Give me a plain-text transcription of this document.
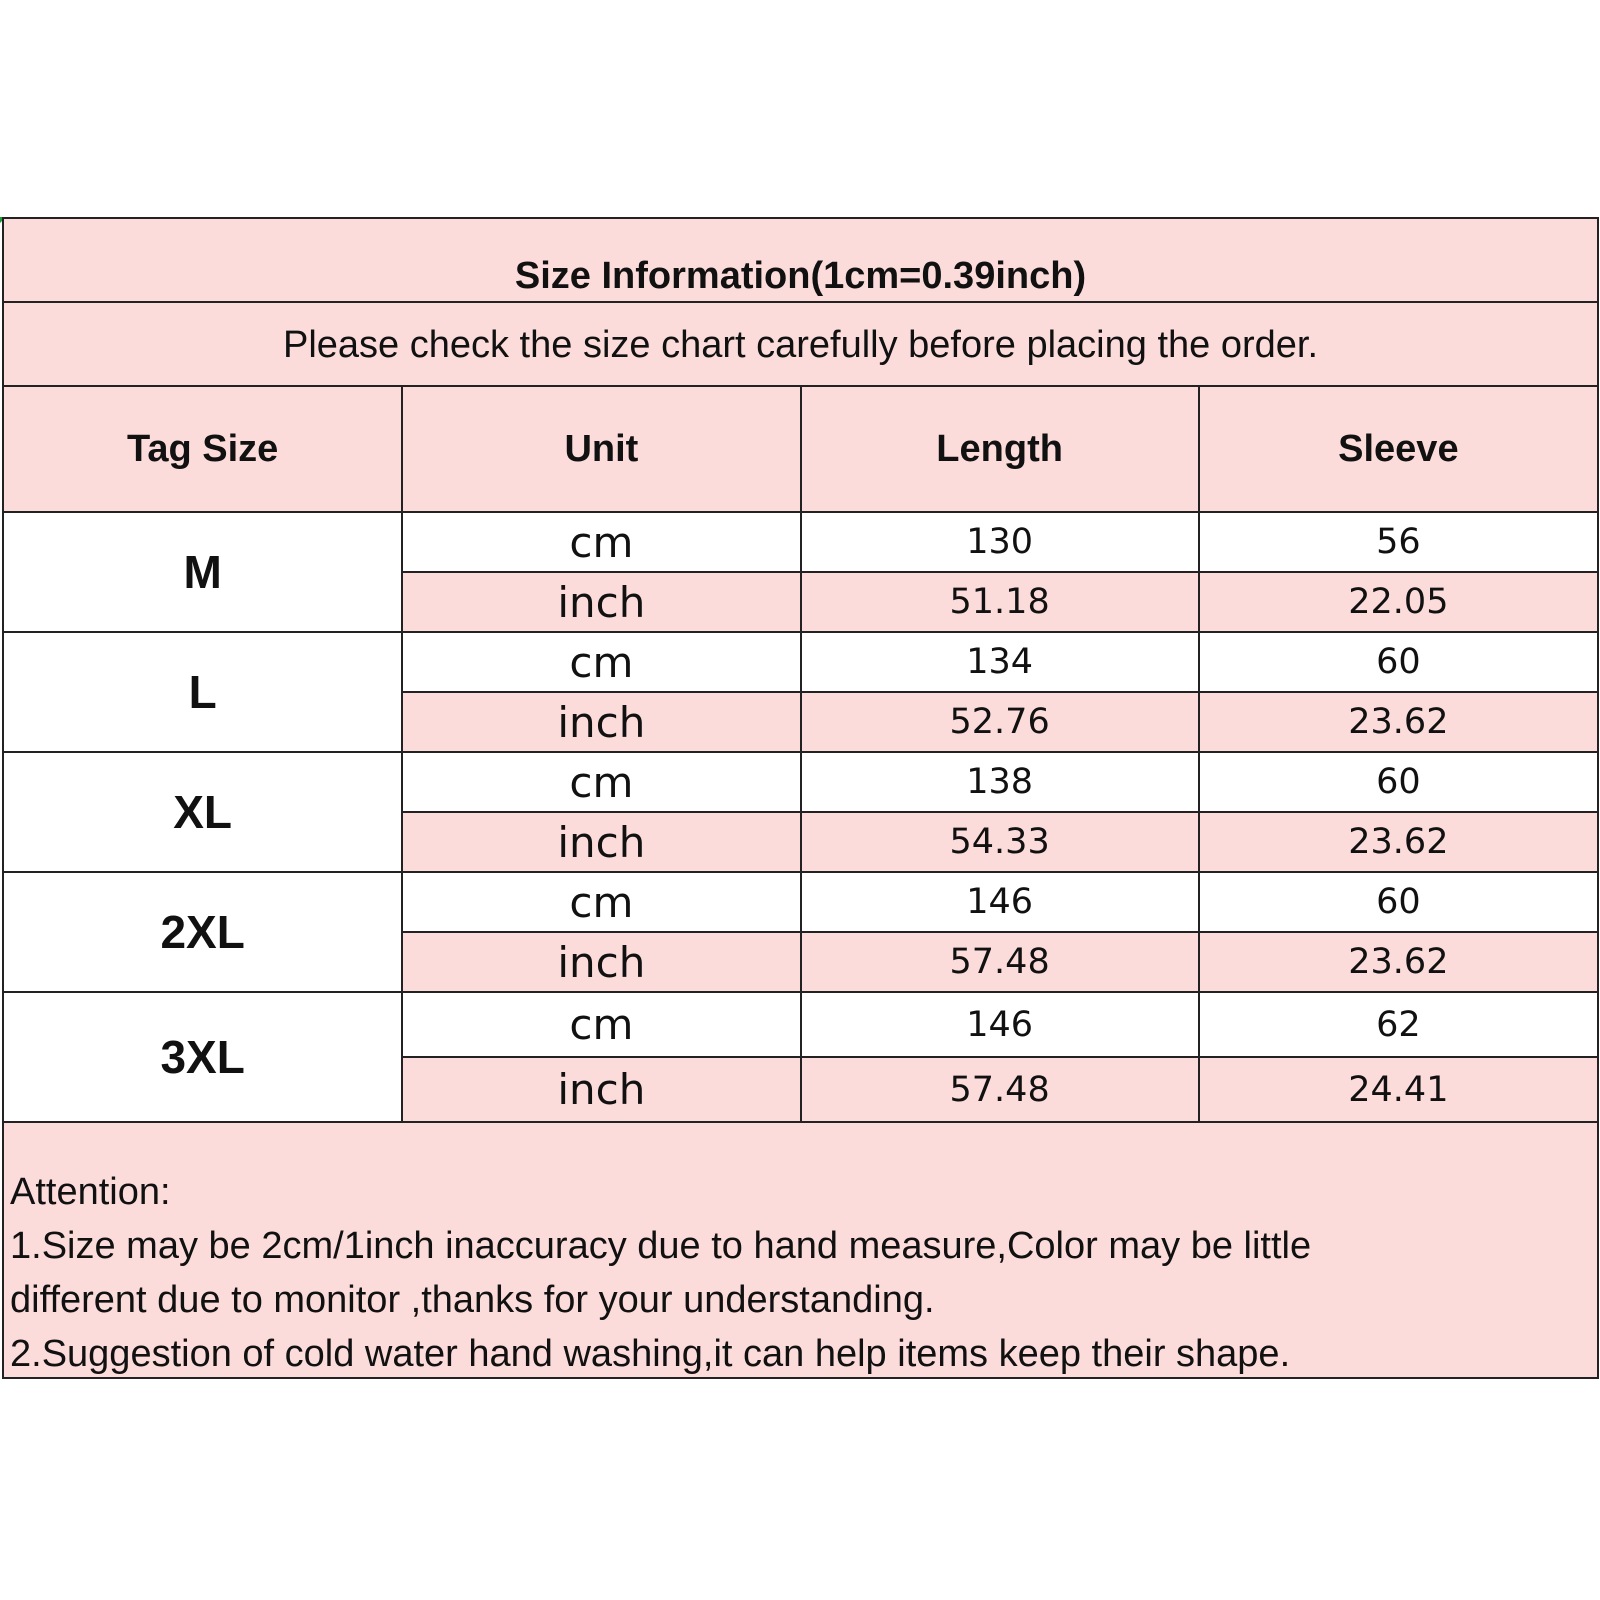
Size Information(1cm=0.39inch)
Please check the size chart carefully before placing the order.
Tag Size	Unit	Length	Sleeve
M	cm	130	56
	inch	51.18	22.05
L	cm	134	60
	inch	52.76	23.62
XL	cm	138	60
	inch	54.33	23.62
2XL	cm	146	60
	inch	57.48	23.62
3XL	cm	146	62
	inch	57.48	24.41
Attention:
1.Size may be 2cm/1inch inaccuracy due to hand measure,Color may be little
different due to monitor ,thanks for your understanding.
2.Suggestion of cold water hand washing,it can help items keep their shape.
